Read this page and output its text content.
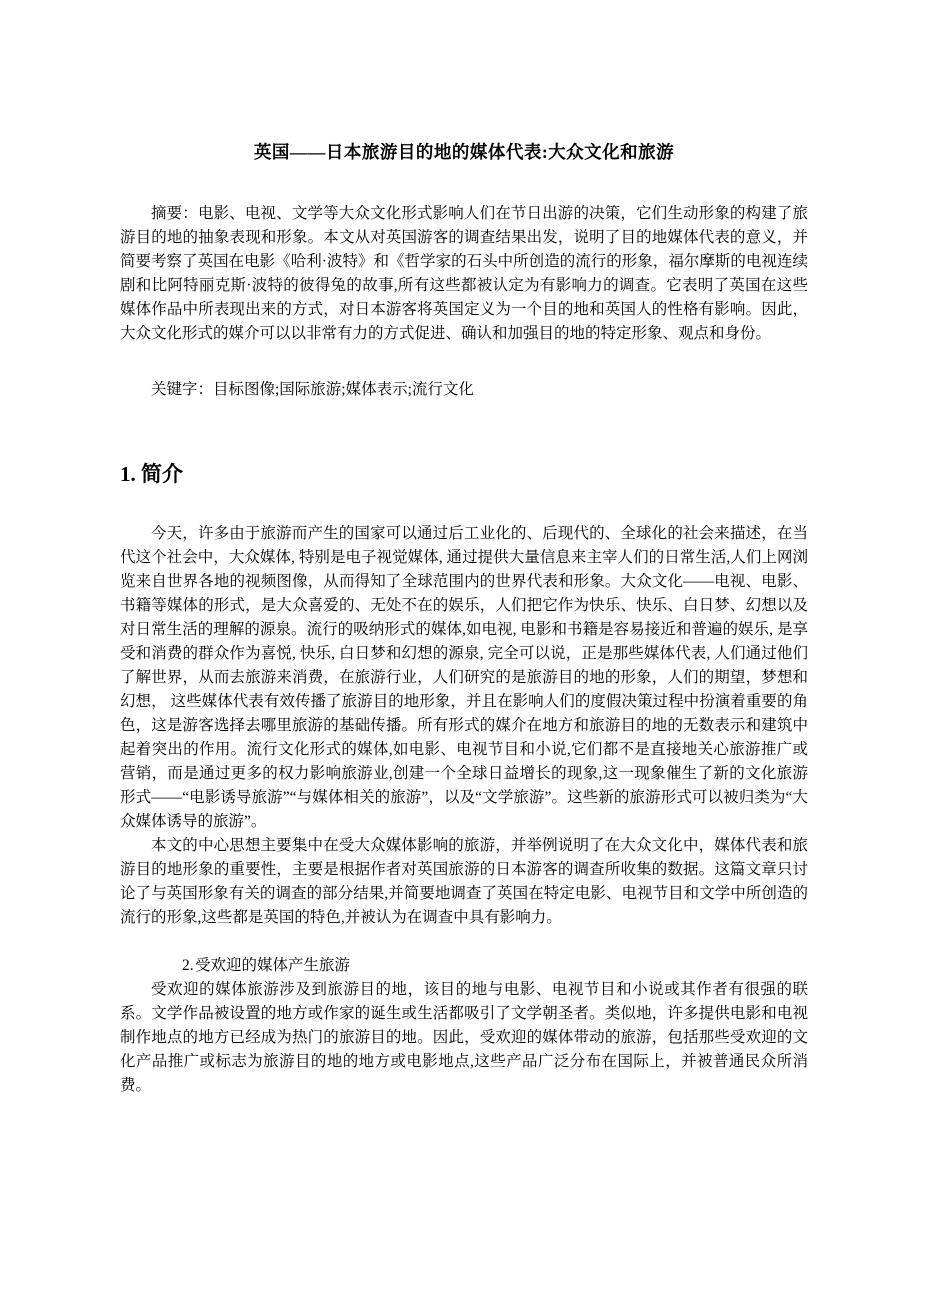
英国——日本旅游目的地的媒体代表:大众文化和旅游

摘要：电影、电视、文学等大众文化形式影响人们在节日出游的决策，它们生动形象的构建了旅游目的地的抽象表现和形象。本文从对英国游客的调查结果出发，说明了目的地媒体代表的意义，并简要考察了英国在电影《哈利·波特》和《哲学家的石头中所创造的流行的形象，福尔摩斯的电视连续剧和比阿特丽克斯·波特的彼得兔的故事,所有这些都被认定为有影响力的调查。它表明了英国在这些媒体作品中所表现出来的方式，对日本游客将英国定义为一个目的地和英国人的性格有影响。因此，大众文化形式的媒介可以以非常有力的方式促进、确认和加强目的地的特定形象、观点和身份。

关键字：目标图像;国际旅游;媒体表示;流行文化

1. 简介

今天，许多由于旅游而产生的国家可以通过后工业化的、后现代的、全球化的社会来描述，在当代这个社会中，大众媒体, 特别是电子视觉媒体, 通过提供大量信息来主宰人们的日常生活,人们上网浏览来自世界各地的视频图像，从而得知了全球范围内的世界代表和形象。大众文化——电视、电影、书籍等媒体的形式，是大众喜爱的、无处不在的娱乐，人们把它作为快乐、快乐、白日梦、幻想以及对日常生活的理解的源泉。流行的吸纳形式的媒体,如电视, 电影和书籍是容易接近和普遍的娱乐, 是享受和消费的群众作为喜悦, 快乐, 白日梦和幻想的源泉, 完全可以说，正是那些媒体代表, 人们通过他们了解世界，从而去旅游来消费，在旅游行业，人们研究的是旅游目的地的形象，人们的期望，梦想和幻想， 这些媒体代表有效传播了旅游目的地形象，并且在影响人们的度假决策过程中扮演着重要的角色，这是游客选择去哪里旅游的基础传播。所有形式的媒介在地方和旅游目的地的无数表示和建筑中起着突出的作用。流行文化形式的媒体,如电影、电视节目和小说,它们都不是直接地关心旅游推广或营销，而是通过更多的权力影响旅游业,创建一个全球日益增长的现象,这一现象催生了新的文化旅游形式——“电影诱导旅游”“与媒体相关的旅游”，以及“文学旅游”。这些新的旅游形式可以被归类为“大众媒体诱导的旅游”。

本文的中心思想主要集中在受大众媒体影响的旅游，并举例说明了在大众文化中，媒体代表和旅游目的地形象的重要性，主要是根据作者对英国旅游的日本游客的调查所收集的数据。这篇文章只讨论了与英国形象有关的调查的部分结果,并简要地调查了英国在特定电影、电视节目和文学中所创造的流行的形象,这些都是英国的特色,并被认为在调查中具有影响力。

2.受欢迎的媒体产生旅游

受欢迎的媒体旅游涉及到旅游目的地，该目的地与电影、电视节目和小说或其作者有很强的联系。文学作品被设置的地方或作家的诞生或生活都吸引了文学朝圣者。类似地，许多提供电影和电视制作地点的地方已经成为热门的旅游目的地。因此，受欢迎的媒体带动的旅游，包括那些受欢迎的文化产品推广或标志为旅游目的地的地方或电影地点,这些产品广泛分布在国际上，并被普通民众所消费。
